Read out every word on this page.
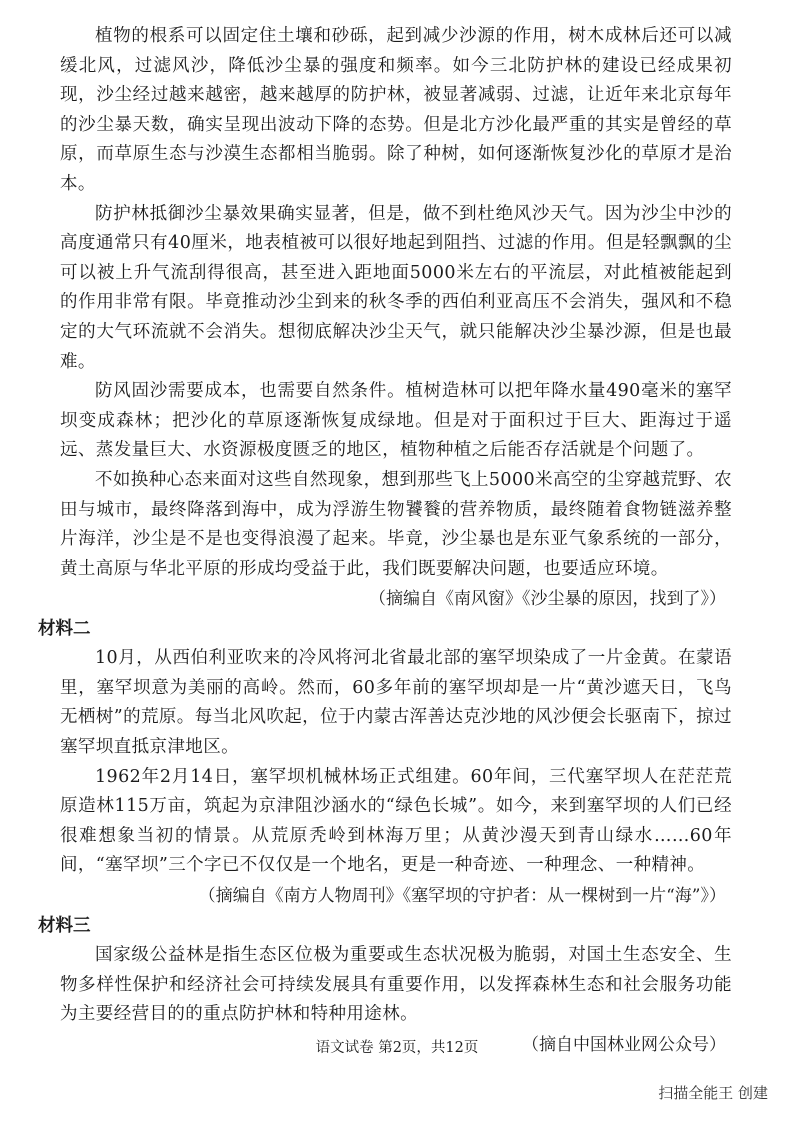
植物的根系可以固定住土壤和砂砾，起到减少沙源的作用，树木成林后还可以减缓北风，过滤风沙，降低沙尘暴的强度和频率。如今三北防护林的建设已经成果初现，沙尘经过越来越密，越来越厚的防护林，被显著减弱、过滤，让近年来北京每年的沙尘暴天数，确实呈现出波动下降的态势。但是北方沙化最严重的其实是曾经的草原，而草原生态与沙漠生态都相当脆弱。除了种树，如何逐渐恢复沙化的草原才是治本。

防护林抵御沙尘暴效果确实显著，但是，做不到杜绝风沙天气。因为沙尘中沙的高度通常只有40厘米，地表植被可以很好地起到阻挡、过滤的作用。但是轻飘飘的尘可以被上升气流刮得很高，甚至进入距地面5000米左右的平流层，对此植被能起到的作用非常有限。毕竟推动沙尘到来的秋冬季的西伯利亚高压不会消失，强风和不稳定的大气环流就不会消失。想彻底解决沙尘天气，就只能解决沙尘暴沙源，但是也最难。

防风固沙需要成本，也需要自然条件。植树造林可以把年降水量490毫米的塞罕坝变成森林；把沙化的草原逐渐恢复成绿地。但是对于面积过于巨大、距海过于遥远、蒸发量巨大、水资源极度匮乏的地区，植物种植之后能否存活就是个问题了。

不如换种心态来面对这些自然现象，想到那些飞上5000米高空的尘穿越荒野、农田与城市，最终降落到海中，成为浮游生物饕餮的营养物质，最终随着食物链滋养整片海洋，沙尘是不是也变得浪漫了起来。毕竟，沙尘暴也是东亚气象系统的一部分，黄土高原与华北平原的形成均受益于此，我们既要解决问题，也要适应环境。

（摘编自《南风窗》《沙尘暴的原因，找到了》）

材料二

10月，从西伯利亚吹来的冷风将河北省最北部的塞罕坝染成了一片金黄。在蒙语里，塞罕坝意为美丽的高岭。然而，60多年前的塞罕坝却是一片“黄沙遮天日，飞鸟无栖树”的荒原。每当北风吹起，位于内蒙古浑善达克沙地的风沙便会长驱南下，掠过塞罕坝直抵京津地区。

1962年2月14日，塞罕坝机械林场正式组建。60年间，三代塞罕坝人在茫茫荒原造林115万亩，筑起为京津阻沙涵水的“绿色长城”。如今，来到塞罕坝的人们已经很难想象当初的情景。从荒原秃岭到林海万里；从黄沙漫天到青山绿水……60年间，“塞罕坝”三个字已不仅仅是一个地名，更是一种奇迹、一种理念、一种精神。

（摘编自《南方人物周刊》《塞罕坝的守护者：从一棵树到一片“海”》）

材料三

国家级公益林是指生态区位极为重要或生态状况极为脆弱，对国土生态安全、生物多样性保护和经济社会可持续发展具有重要作用，以发挥森林生态和社会服务功能为主要经营目的的重点防护林和特种用途林。

（摘自中国林业网公众号）

语文试卷 第2页，共12页
扫描全能王 创建
